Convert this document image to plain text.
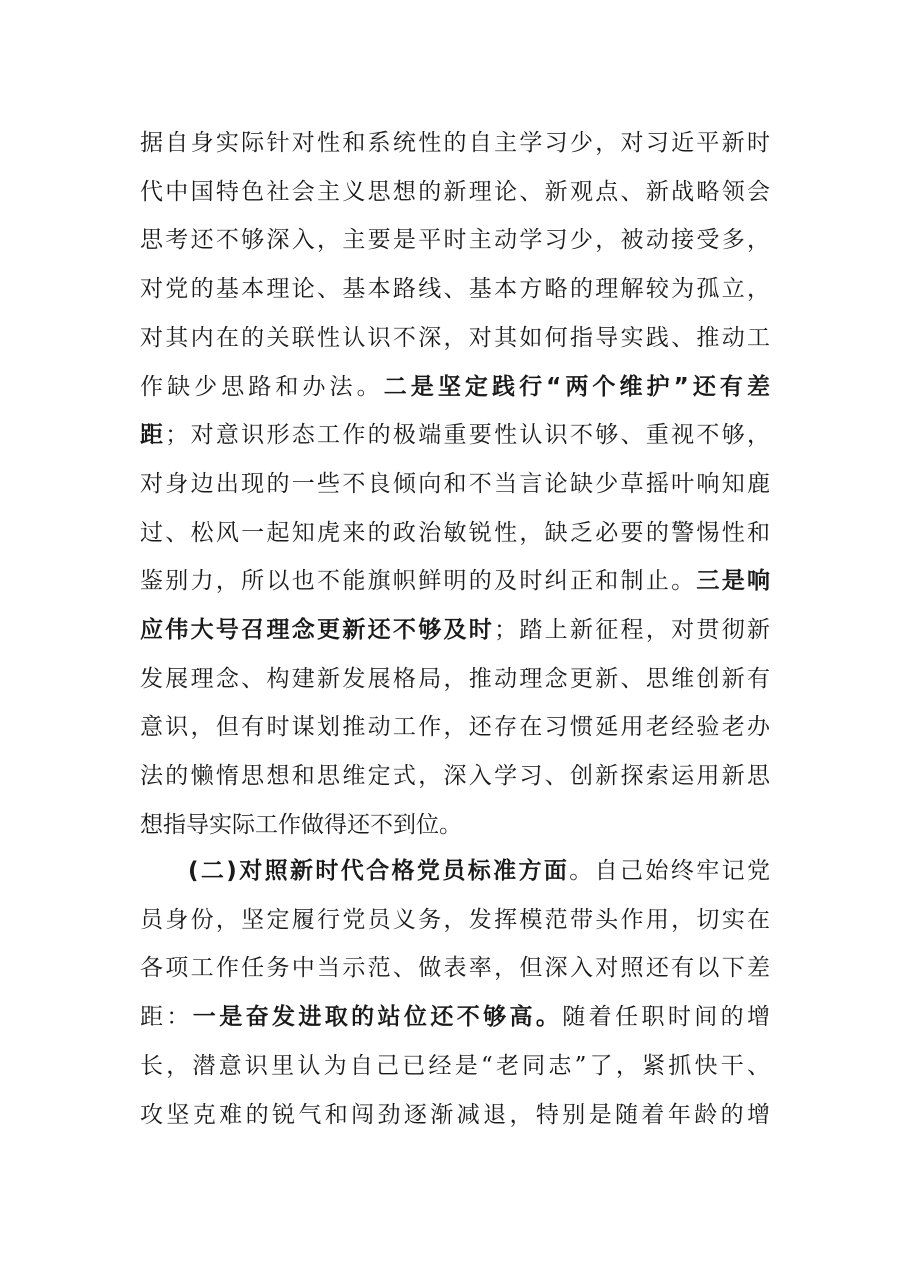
据自身实际针对性和系统性的自主学习少，对习近平新时
代中国特色社会主义思想的新理论、新观点、新战略领会
思考还不够深入，主要是平时主动学习少，被动接受多，
对党的基本理论、基本路线、基本方略的理解较为孤立，
对其内在的关联性认识不深，对其如何指导实践、推动工
作缺少思路和办法。二是坚定践行“两个维护”还有差
距；对意识形态工作的极端重要性认识不够、重视不够，
对身边出现的一些不良倾向和不当言论缺少草摇叶响知鹿
过、松风一起知虎来的政治敏锐性，缺乏必要的警惕性和
鉴别力，所以也不能旗帜鲜明的及时纠正和制止。三是响
应伟大号召理念更新还不够及时；踏上新征程，对贯彻新
发展理念、构建新发展格局，推动理念更新、思维创新有
意识，但有时谋划推动工作，还存在习惯延用老经验老办
法的懒惰思想和思维定式，深入学习、创新探索运用新思
想指导实际工作做得还不到位。
(二)对照新时代合格党员标准方面。自己始终牢记党
员身份，坚定履行党员义务，发挥模范带头作用，切实在
各项工作任务中当示范、做表率，但深入对照还有以下差
距：一是奋发进取的站位还不够高。随着任职时间的增
长，潜意识里认为自己已经是“老同志”了，紧抓快干、
攻坚克难的锐气和闯劲逐渐减退，特别是随着年龄的增
